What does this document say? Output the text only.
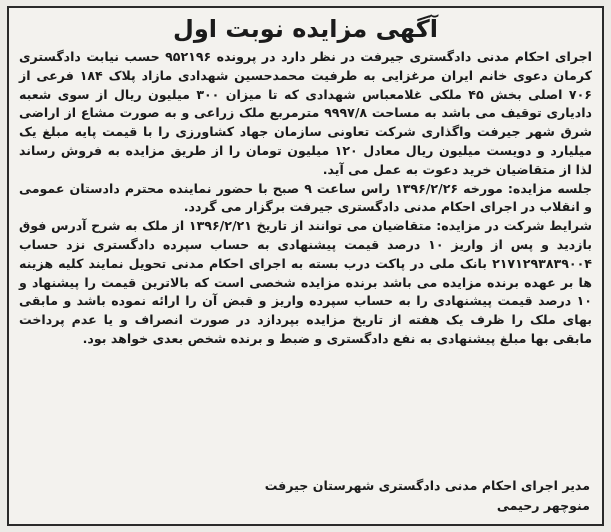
آگهی مزایده نوبت اول

اجرای احکام مدنی دادگستری جیرفت در نظر دارد در پرونده ۹۵۲۱۹۶ حسب نیابت دادگستری کرمان دعوی خانم ایران مرغزایی به طرفیت محمدحسین شهدادی مازاد پلاک ۱۸۴ فرعی از ۷۰۶ اصلی بخش ۴۵ ملکی غلامعباس شهدادی که تا میزان ۳۰۰ میلیون ریال از سوی شعبه دادیاری توقیف می باشد به مساحت ۹۹۹۷/۸ مترمربع ملک زراعی و به صورت مشاع از اراضی شرق شهر جیرفت واگذاری شرکت تعاونی سازمان جهاد کشاورزی را با قیمت پایه مبلغ یک میلیارد و دویست میلیون ریال معادل ۱۲۰ میلیون تومان را از طریق مزایده به فروش رساند لذا از متقاضیان خرید دعوت به عمل می آید.

جلسه مزایده: مورخه ۱۳۹۶/۲/۲۶ راس ساعت ۹ صبح با حضور نماینده محترم دادستان عمومی و انقلاب در اجرای احکام مدنی دادگستری جیرفت برگزار می گردد.

شرایط شرکت در مزایده: متقاضیان می توانند از تاریخ ۱۳۹۶/۲/۲۱ از ملک به شرح آدرس فوق بازدید و پس از واریز ۱۰ درصد قیمت پیشنهادی به حساب سپرده دادگستری نزد حساب ۲۱۷۱۲۹۳۸۳۹۰۰۴ بانک ملی در پاکت درب بسته به اجرای احکام مدنی تحویل نمایند کلیه هزینه ها بر عهده برنده مزایده می باشد برنده مزایده شخصی است که بالاترین قیمت را پیشنهاد و ۱۰ درصد قیمت پیشنهادی را به حساب سپرده واریز و قبض آن را ارائه نموده باشد و مابقی بهای ملک را ظرف یک هفته از تاریخ مزایده بپردازد در صورت انصراف و یا عدم پرداخت مابقی بها مبلغ پیشنهادی به نفع دادگستری و ضبط و برنده شخص بعدی خواهد بود.

مدیر اجرای احکام مدنی دادگستری شهرستان جیرفت
منوچهر رحیمی
